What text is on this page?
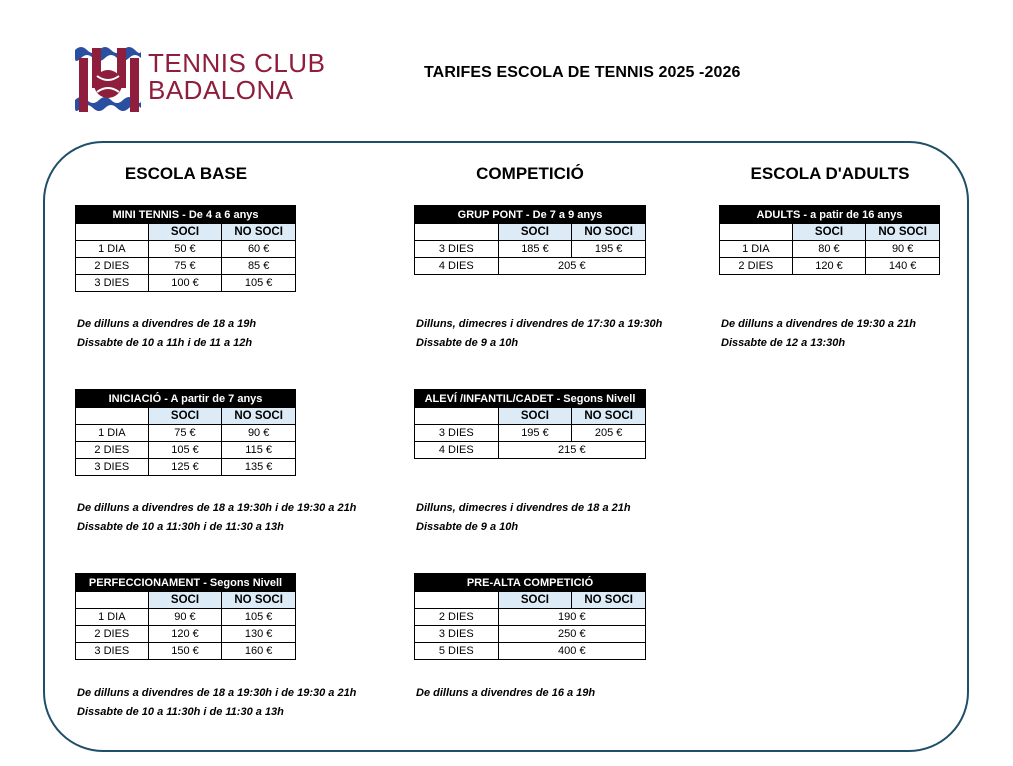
TENNIS CLUB
BADALONA
TARIFES ESCOLA DE TENNIS 2025 -2026
ESCOLA BASE	COMPETICIÓ	ESCOLA D'ADULTS
MINI TENNIS - De 4 a 6 anys		
	SOCI	NO SOCI
1 DIA	50 €	60 €
2 DIES	75 €	85 €
3 DIES	100 €	105 €
De dilluns a divendres de 18 a 19h
Dissabte de 10 a 11h i de 11 a 12h
INICIACIÓ - A partir de 7 anys		
	SOCI	NO SOCI
1 DIA	75 €	90 €
2 DIES	105 €	115 €
3 DIES	125 €	135 €
De dilluns a divendres de 18 a 19:30h i de 19:30 a 21h
Dissabte de 10 a 11:30h i de 11:30 a 13h
PERFECCIONAMENT - Segons Nivell		
	SOCI	NO SOCI
1 DIA	90 €	105 €
2 DIES	120 €	130 €
3 DIES	150 €	160 €
De dilluns a divendres de 18 a 19:30h i de 19:30 a 21h
Dissabte de 10 a 11:30h i de 11:30 a 13h
GRUP PONT - De 7 a 9 anys		
	SOCI	NO SOCI
3 DIES	185 €	195 €
4 DIES	205 €	
Dilluns, dimecres i divendres de 17:30 a 19:30h
Dissabte de 9 a 10h
ALEVÍ /INFANTIL/CADET - Segons Nivell		
	SOCI	NO SOCI
3 DIES	195 €	205 €
4 DIES	215 €	
Dilluns, dimecres i divendres de 18 a 21h
Dissabte de 9 a 10h
PRE-ALTA COMPETICIÓ		
	SOCI	NO SOCI
2 DIES	190 €	
3 DIES	250 €	
5 DIES	400 €	
De dilluns a divendres de 16 a 19h
ADULTS - a patir de 16 anys		
	SOCI	NO SOCI
1 DIA	80 €	90 €
2 DIES	120 €	140 €
De dilluns a divendres de 19:30 a 21h
Dissabte de 12 a 13:30h
